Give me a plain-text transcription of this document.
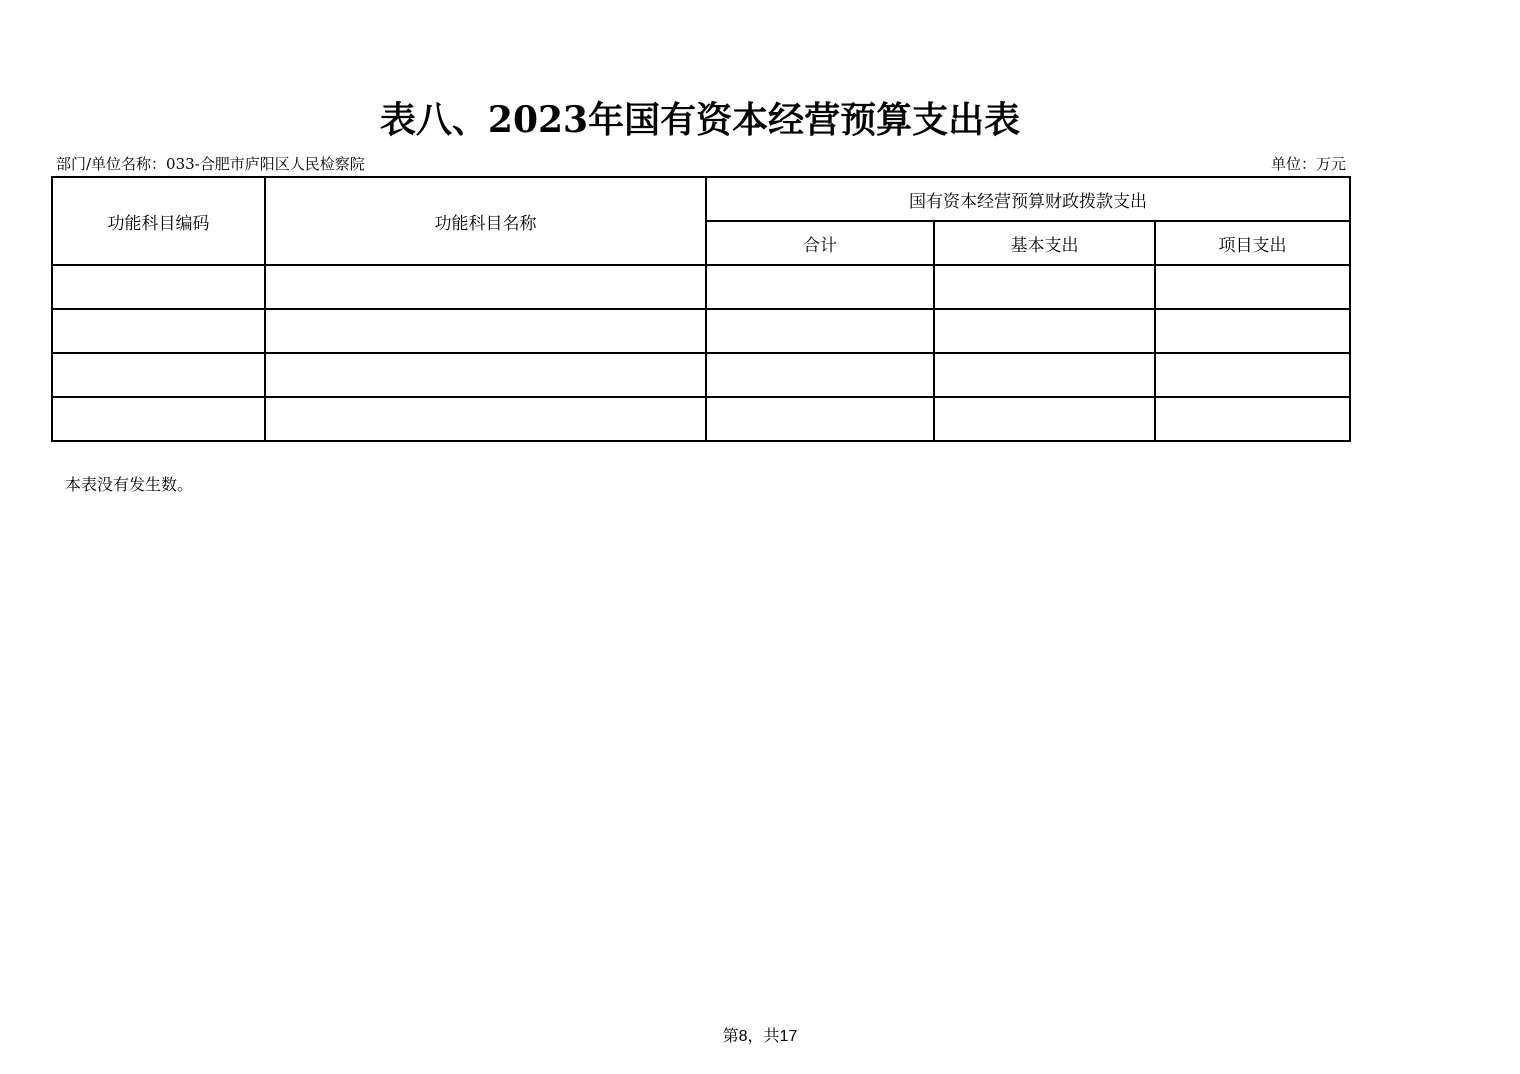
表八、2023年国有资本经营预算支出表
部门/单位名称：033-合肥市庐阳区人民检察院	单位：万元
功能科目编码	功能科目名称	国有资本经营预算财政拨款支出		
		合计	基本支出	项目支出

本表没有发生数。
第8，共17
